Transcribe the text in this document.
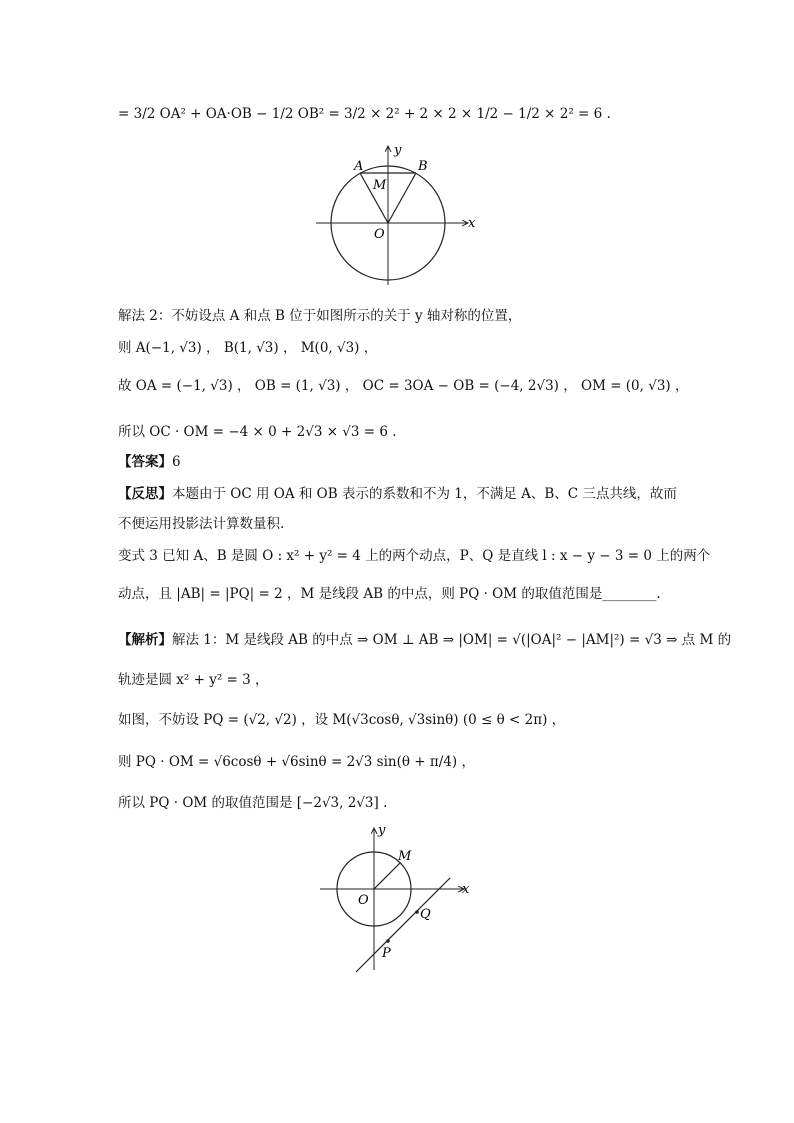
= 3/2 OA² + OA·OB − 1/2 OB² = 3/2 × 2² + 2 × 2 × 1/2 − 1/2 × 2² = 6 .
y
x
A	B
M
O
解法 2：不妨设点 A 和点 B 位于如图所示的关于 y 轴对称的位置，
则 A(−1, √3) ， B(1, √3) ， M(0, √3) ，
故 OA = (−1, √3) ， OB = (1, √3) ， OC = 3OA − OB = (−4, 2√3) ， OM = (0, √3) ，
所以 OC · OM = −4 × 0 + 2√3 × √3 = 6 .
【答案】6
【反思】本题由于 OC 用 OA 和 OB 表示的系数和不为 1，不满足 A、B、C 三点共线，故而
不便运用投影法计算数量积.
变式 3 已知 A、B 是圆 O : x² + y² = 4 上的两个动点，P、Q 是直线 l : x − y − 3 = 0 上的两个
动点，且 |AB| = |PQ| = 2 ，M 是线段 AB 的中点，则 PQ · OM 的取值范围是________.
【解析】解法 1：M 是线段 AB 的中点 ⇒ OM ⊥ AB ⇒ |OM| = √(|OA|² − |AM|²) = √3 ⇒ 点 M 的
轨迹是圆 x² + y² = 3 ，
如图，不妨设 PQ = (√2, √2) ，设 M(√3cosθ, √3sinθ) (0 ≤ θ < 2π) ，
则 PQ · OM = √6cosθ + √6sinθ = 2√3 sin(θ + π/4) ，
所以 PQ · OM 的取值范围是 [−2√3, 2√3] .
y
x
M
O
Q
P
